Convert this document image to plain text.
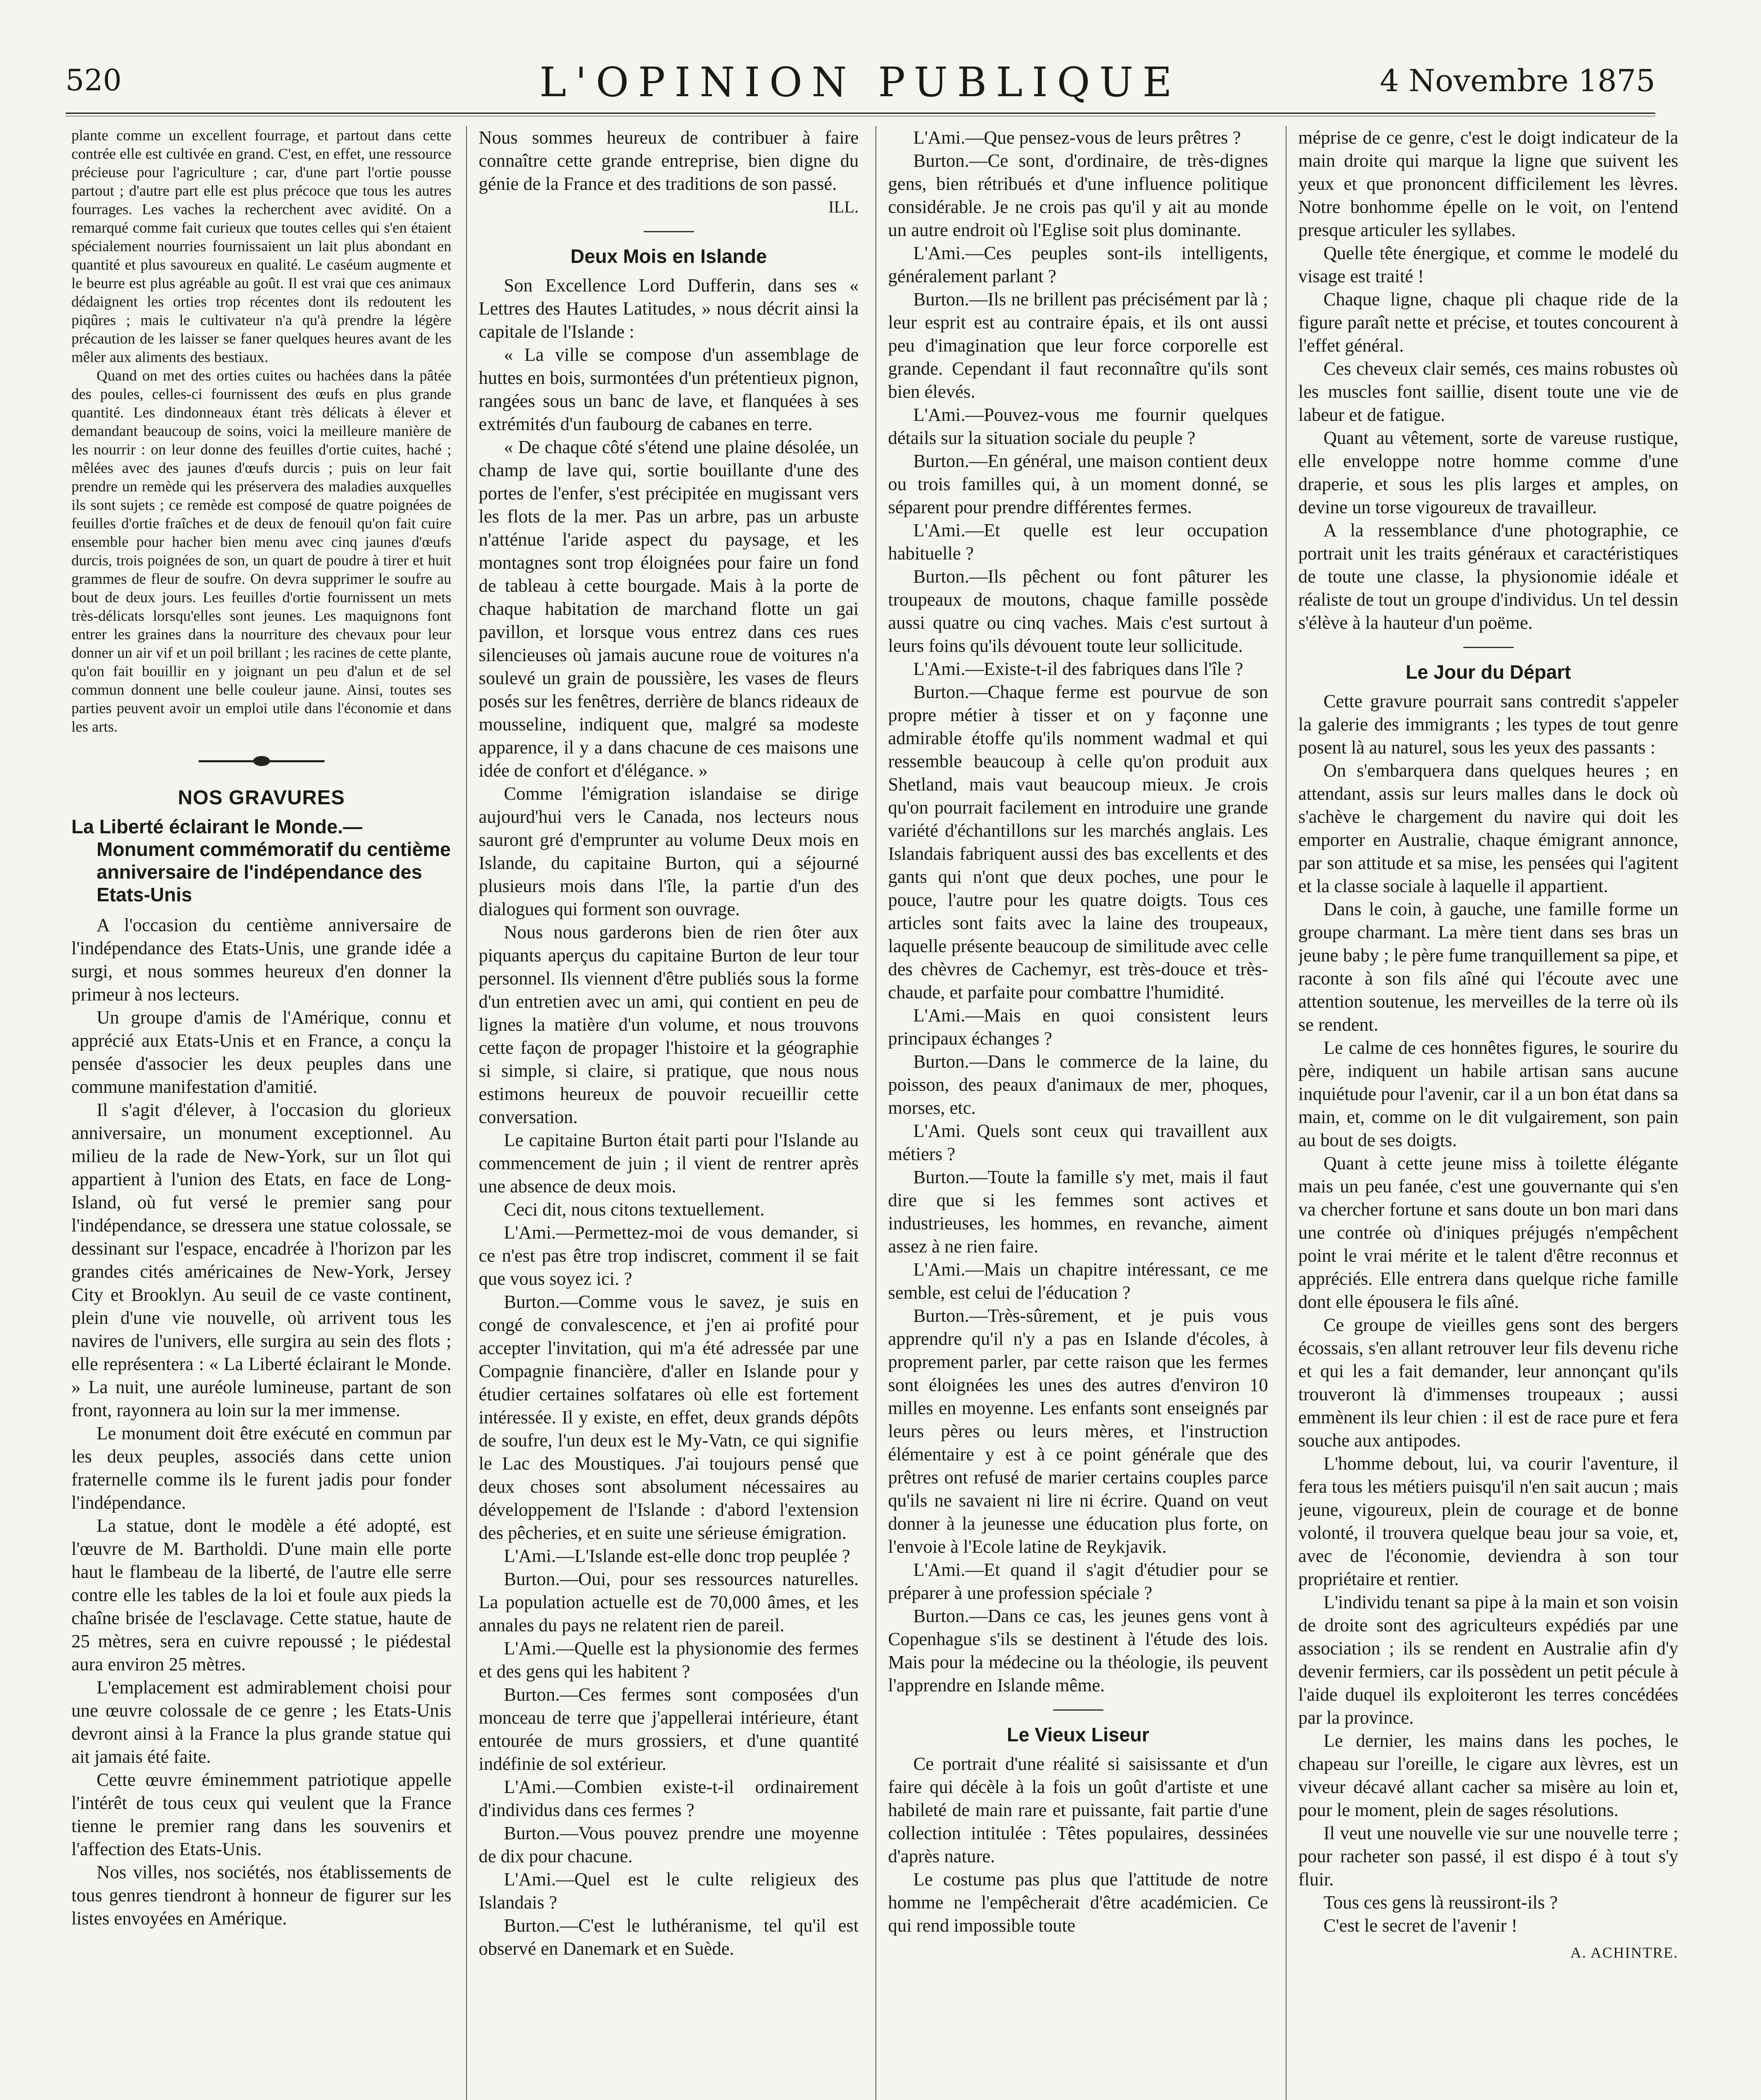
520	L'OPINION PUBLIQUE	4 Novembre 1875

plante comme un excellent fourrage, et partout dans cette contrée elle est cultivée en grand. C'est, en effet, une ressource précieuse pour l'agriculture ; car, d'une part l'ortie pousse partout ; d'autre part elle est plus précoce que tous les autres fourrages. Les vaches la recherchent avec avidité. On a remarqué comme fait curieux que toutes celles qui s'en étaient spécialement nourries fournissaient un lait plus abondant en quantité et plus savoureux en qualité. Le caséum augmente et le beurre est plus agréable au goût. Il est vrai que ces animaux dédaignent les orties trop récentes dont ils redoutent les piqûres ; mais le cultivateur n'a qu'à prendre la légère précaution de les laisser se faner quelques heures avant de les mêler aux aliments des bestiaux.

Quand on met des orties cuites ou hachées dans la pâtée des poules, celles-ci fournissent des œufs en plus grande quantité. Les dindonneaux étant très délicats à élever et demandant beaucoup de soins, voici la meilleure manière de les nourrir : on leur donne des feuilles d'ortie cuites, haché ; mêlées avec des jaunes d'œufs durcis ; puis on leur fait prendre un remède qui les préservera des maladies auxquelles ils sont sujets ; ce remède est composé de quatre poignées de feuilles d'ortie fraîches et de deux de fenouil qu'on fait cuire ensemble pour hacher bien menu avec cinq jaunes d'œufs durcis, trois poignées de son, un quart de poudre à tirer et huit grammes de fleur de soufre. On devra supprimer le soufre au bout de deux jours. Les feuilles d'ortie fournissent un mets très-délicats lorsqu'elles sont jeunes. Les maquignons font entrer les graines dans la nourriture des chevaux pour leur donner un air vif et un poil brillant ; les racines de cette plante, qu'on fait bouillir en y joignant un peu d'alun et de sel commun donnent une belle couleur jaune. Ainsi, toutes ses parties peuvent avoir un emploi utile dans l'économie et dans les arts.

NOS GRAVURES
La Liberté éclairant le Monde.—Monument commémoratif du centième anniversaire de l'indépendance des Etats-Unis

A l'occasion du centième anniversaire de l'indépendance des Etats-Unis, une grande idée a surgi, et nous sommes heureux d'en donner la primeur à nos lecteurs.

Un groupe d'amis de l'Amérique, connu et apprécié aux Etats-Unis et en France, a conçu la pensée d'associer les deux peuples dans une commune manifestation d'amitié.

Il s'agit d'élever, à l'occasion du glorieux anniversaire, un monument exceptionnel. Au milieu de la rade de New-York, sur un îlot qui appartient à l'union des Etats, en face de Long-Island, où fut versé le premier sang pour l'indépendance, se dressera une statue colossale, se dessinant sur l'espace, encadrée à l'horizon par les grandes cités américaines de New-York, Jersey City et Brooklyn. Au seuil de ce vaste continent, plein d'une vie nouvelle, où arrivent tous les navires de l'univers, elle surgira au sein des flots ; elle représentera : « La Liberté éclairant le Monde. » La nuit, une auréole lumineuse, partant de son front, rayonnera au loin sur la mer immense.

Le monument doit être exécuté en commun par les deux peuples, associés dans cette union fraternelle comme ils le furent jadis pour fonder l'indépendance.

La statue, dont le modèle a été adopté, est l'œuvre de M. Bartholdi. D'une main elle porte haut le flambeau de la liberté, de l'autre elle serre contre elle les tables de la loi et foule aux pieds la chaîne brisée de l'esclavage. Cette statue, haute de 25 mètres, sera en cuivre repoussé ; le piédestal aura environ 25 mètres.

L'emplacement est admirablement choisi pour une œuvre colossale de ce genre ; les Etats-Unis devront ainsi à la France la plus grande statue qui ait jamais été faite.

Cette œuvre éminemment patriotique appelle l'intérêt de tous ceux qui veulent que la France tienne le premier rang dans les souvenirs et l'affection des Etats-Unis.

Nos villes, nos sociétés, nos établissements de tous genres tiendront à honneur de figurer sur les listes envoyées en Amérique.

Nous sommes heureux de contribuer à faire connaître cette grande entreprise, bien digne du génie de la France et des traditions de son passé.

ILL.
Deux Mois en Islande

Son Excellence Lord Dufferin, dans ses « Lettres des Hautes Latitudes, » nous décrit ainsi la capitale de l'Islande :

« La ville se compose d'un assemblage de huttes en bois, surmontées d'un prétentieux pignon, rangées sous un banc de lave, et flanquées à ses extrémités d'un faubourg de cabanes en terre.

« De chaque côté s'étend une plaine désolée, un champ de lave qui, sortie bouillante d'une des portes de l'enfer, s'est précipitée en mugissant vers les flots de la mer. Pas un arbre, pas un arbuste n'atténue l'aride aspect du paysage, et les montagnes sont trop éloignées pour faire un fond de tableau à cette bourgade. Mais à la porte de chaque habitation de marchand flotte un gai pavillon, et lorsque vous entrez dans ces rues silencieuses où jamais aucune roue de voitures n'a soulevé un grain de poussière, les vases de fleurs posés sur les fenêtres, derrière de blancs rideaux de mousseline, indiquent que, malgré sa modeste apparence, il y a dans chacune de ces maisons une idée de confort et d'élégance. »

Comme l'émigration islandaise se dirige aujourd'hui vers le Canada, nos lecteurs nous sauront gré d'emprunter au volume Deux mois en Islande, du capitaine Burton, qui a séjourné plusieurs mois dans l'île, la partie d'un des dialogues qui forment son ouvrage.

Nous nous garderons bien de rien ôter aux piquants aperçus du capitaine Burton de leur tour personnel. Ils viennent d'être publiés sous la forme d'un entretien avec un ami, qui contient en peu de lignes la matière d'un volume, et nous trouvons cette façon de propager l'histoire et la géographie si simple, si claire, si pratique, que nous nous estimons heureux de pouvoir recueillir cette conversation.

Le capitaine Burton était parti pour l'Islande au commencement de juin ; il vient de rentrer après une absence de deux mois.

Ceci dit, nous citons textuellement.

L'Ami.—Permettez-moi de vous demander, si ce n'est pas être trop indiscret, comment il se fait que vous soyez ici. ?

Burton.—Comme vous le savez, je suis en congé de convalescence, et j'en ai profité pour accepter l'invitation, qui m'a été adressée par une Compagnie financière, d'aller en Islande pour y étudier certaines solfatares où elle est fortement intéressée. Il y existe, en effet, deux grands dépôts de soufre, l'un deux est le My-Vatn, ce qui signifie le Lac des Moustiques. J'ai toujours pensé que deux choses sont absolument nécessaires au développement de l'Islande : d'abord l'extension des pêcheries, et en suite une sérieuse émigration.

L'Ami.—L'Islande est-elle donc trop peuplée ?

Burton.—Oui, pour ses ressources naturelles. La population actuelle est de 70,000 âmes, et les annales du pays ne relatent rien de pareil.

L'Ami.—Quelle est la physionomie des fermes et des gens qui les habitent ?

Burton.—Ces fermes sont composées d'un monceau de terre que j'appellerai intérieure, étant entourée de murs grossiers, et d'une quantité indéfinie de sol extérieur.

L'Ami.—Combien existe-t-il ordinairement d'individus dans ces fermes ?

Burton.—Vous pouvez prendre une moyenne de dix pour chacune.

L'Ami.—Quel est le culte religieux des Islandais ?

Burton.—C'est le luthéranisme, tel qu'il est observé en Danemark et en Suède.

L'Ami.—Que pensez-vous de leurs prêtres ?

Burton.—Ce sont, d'ordinaire, de très-dignes gens, bien rétribués et d'une influence politique considérable. Je ne crois pas qu'il y ait au monde un autre endroit où l'Eglise soit plus dominante.

L'Ami.—Ces peuples sont-ils intelligents, généralement parlant ?

Burton.—Ils ne brillent pas précisément par là ; leur esprit est au contraire épais, et ils ont aussi peu d'imagination que leur force corporelle est grande. Cependant il faut reconnaître qu'ils sont bien élevés.

L'Ami.—Pouvez-vous me fournir quelques détails sur la situation sociale du peuple ?

Burton.—En général, une maison contient deux ou trois familles qui, à un moment donné, se séparent pour prendre différentes fermes.

L'Ami.—Et quelle est leur occupation habituelle ?

Burton.—Ils pêchent ou font pâturer les troupeaux de moutons, chaque famille possède aussi quatre ou cinq vaches. Mais c'est surtout à leurs foins qu'ils dévouent toute leur sollicitude.

L'Ami.—Existe-t-il des fabriques dans l'île ?

Burton.—Chaque ferme est pourvue de son propre métier à tisser et on y façonne une admirable étoffe qu'ils nomment wadmal et qui ressemble beaucoup à celle qu'on produit aux Shetland, mais vaut beaucoup mieux. Je crois qu'on pourrait facilement en introduire une grande variété d'échantillons sur les marchés anglais. Les Islandais fabriquent aussi des bas excellents et des gants qui n'ont que deux poches, une pour le pouce, l'autre pour les quatre doigts. Tous ces articles sont faits avec la laine des troupeaux, laquelle présente beaucoup de similitude avec celle des chèvres de Cachemyr, est très-douce et très-chaude, et parfaite pour combattre l'humidité.

L'Ami.—Mais en quoi consistent leurs principaux échanges ?

Burton.—Dans le commerce de la laine, du poisson, des peaux d'animaux de mer, phoques, morses, etc.

L'Ami. Quels sont ceux qui travaillent aux métiers ?

Burton.—Toute la famille s'y met, mais il faut dire que si les femmes sont actives et industrieuses, les hommes, en revanche, aiment assez à ne rien faire.

L'Ami.—Mais un chapitre intéressant, ce me semble, est celui de l'éducation ?

Burton.—Très-sûrement, et je puis vous apprendre qu'il n'y a pas en Islande d'écoles, à proprement parler, par cette raison que les fermes sont éloignées les unes des autres d'environ 10 milles en moyenne. Les enfants sont enseignés par leurs pères ou leurs mères, et l'instruction élémentaire y est à ce point générale que des prêtres ont refusé de marier certains couples parce qu'ils ne savaient ni lire ni écrire. Quand on veut donner à la jeunesse une éducation plus forte, on l'envoie à l'Ecole latine de Reykjavik.

L'Ami.—Et quand il s'agit d'étudier pour se préparer à une profession spéciale ?

Burton.—Dans ce cas, les jeunes gens vont à Copenhague s'ils se destinent à l'étude des lois. Mais pour la médecine ou la théologie, ils peuvent l'apprendre en Islande même.

Le Vieux Liseur

Ce portrait d'une réalité si saisissante et d'un faire qui décèle à la fois un goût d'artiste et une habileté de main rare et puissante, fait partie d'une collection intitulée : Têtes populaires, dessinées d'après nature.

Le costume pas plus que l'attitude de notre homme ne l'empêcherait d'être académicien. Ce qui rend impossible toute

méprise de ce genre, c'est le doigt indicateur de la main droite qui marque la ligne que suivent les yeux et que prononcent difficilement les lèvres. Notre bonhomme épelle on le voit, on l'entend presque articuler les syllabes.

Quelle tête énergique, et comme le modelé du visage est traité !

Chaque ligne, chaque pli chaque ride de la figure paraît nette et précise, et toutes concourent à l'effet général.

Ces cheveux clair semés, ces mains robustes où les muscles font saillie, disent toute une vie de labeur et de fatigue.

Quant au vêtement, sorte de vareuse rustique, elle enveloppe notre homme comme d'une draperie, et sous les plis larges et amples, on devine un torse vigoureux de travailleur.

A la ressemblance d'une photographie, ce portrait unit les traits généraux et caractéristiques de toute une classe, la physionomie idéale et réaliste de tout un groupe d'individus. Un tel dessin s'élève à la hauteur d'un poëme.

Le Jour du Départ

Cette gravure pourrait sans contredit s'appeler la galerie des immigrants ; les types de tout genre posent là au naturel, sous les yeux des passants :

On s'embarquera dans quelques heures ; en attendant, assis sur leurs malles dans le dock où s'achève le chargement du navire qui doit les emporter en Australie, chaque émigrant annonce, par son attitude et sa mise, les pensées qui l'agitent et la classe sociale à laquelle il appartient.

Dans le coin, à gauche, une famille forme un groupe charmant. La mère tient dans ses bras un jeune baby ; le père fume tranquillement sa pipe, et raconte à son fils aîné qui l'écoute avec une attention soutenue, les merveilles de la terre où ils se rendent.

Le calme de ces honnêtes figures, le sourire du père, indiquent un habile artisan sans aucune inquiétude pour l'avenir, car il a un bon état dans sa main, et, comme on le dit vulgairement, son pain au bout de ses doigts.

Quant à cette jeune miss à toilette élégante mais un peu fanée, c'est une gouvernante qui s'en va chercher fortune et sans doute un bon mari dans une contrée où d'iniques préjugés n'empêchent point le vrai mérite et le talent d'être reconnus et appréciés. Elle entrera dans quelque riche famille dont elle épousera le fils aîné.

Ce groupe de vieilles gens sont des bergers écossais, s'en allant retrouver leur fils devenu riche et qui les a fait demander, leur annonçant qu'ils trouveront là d'immenses troupeaux ; aussi emmènent ils leur chien : il est de race pure et fera souche aux antipodes.

L'homme debout, lui, va courir l'aventure, il fera tous les métiers puisqu'il n'en sait aucun ; mais jeune, vigoureux, plein de courage et de bonne volonté, il trouvera quelque beau jour sa voie, et, avec de l'économie, deviendra à son tour propriétaire et rentier.

L'individu tenant sa pipe à la main et son voisin de droite sont des agriculteurs expédiés par une association ; ils se rendent en Australie afin d'y devenir fermiers, car ils possèdent un petit pécule à l'aide duquel ils exploiteront les terres concédées par la province.

Le dernier, les mains dans les poches, le chapeau sur l'oreille, le cigare aux lèvres, est un viveur décavé allant cacher sa misère au loin et, pour le moment, plein de sages résolutions.

Il veut une nouvelle vie sur une nouvelle terre ; pour racheter son passé, il est dispo é à tout s'y fluir.

Tous ces gens là reussiront-ils ?

C'est le secret de l'avenir !

A. ACHINTRE.
